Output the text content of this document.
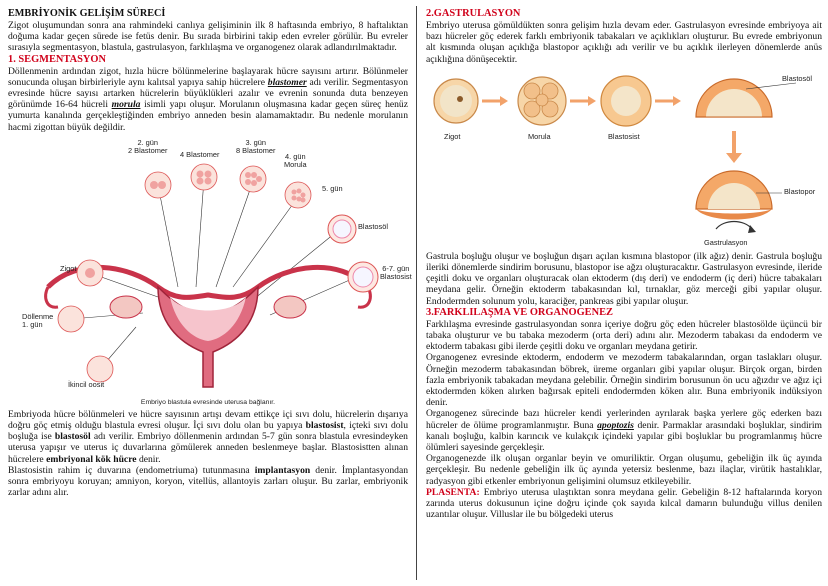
EMBRİYONİK GELİŞİM SÜRECİ

Zigot oluşumundan sonra ana rahmindeki canlıya gelişiminin ilk 8 haftasında embriyo, 8 haftalıktan doğuma kadar geçen sürede ise fetüs denir. Bu sırada birbirini takip eden evreler görülür. Bu evreler sırasıyla segmentasyon, blastula, gastrulasyon, farklılaşma ve organogenez olarak adlandırılmaktadır.

1. SEGMENTASYON

Döllenmenin ardından zigot, hızla hücre bölünmelerine başlayarak hücre sayısını artırır. Bölünmeler sonucunda oluşan birbirleriyle aynı kalıtsal yapıya sahip hücrelere blastomer adı verilir. Segmentasyon evresinde hücre sayısı artarken hücrelerin büyüklükleri azalır ve evrenin sonunda duta benzeyen görünümde 16-64 hücreli morula isimli yapı oluşur. Morulanın oluşmasına kadar geçen süreç henüz yumurta kanalında gerçekleştiğinden embriyo anneden besin alamamaktadır. Bu nedenle morulanın hacmi zigottan büyük değildir.

2. gün
2 Blastomer 4 Blastomer
3. gün
8 Blastomer
4. gün
Morula
5. gün
Blastosöl
6-7. gün
Blastosist
Zigot
Döllenme
1. gün
İkincil oosit
Embriyo blastula evresinde uterusa bağlanır.

Embriyoda hücre bölünmeleri ve hücre sayısının artışı devam ettikçe içi sıvı dolu, hücrelerin dışarıya doğru göç etmiş olduğu blastula evresi oluşur. İçi sıvı dolu olan bu yapıya blastosist, içteki sıvı dolu boşluğa ise blastosöl adı verilir. Embriyo döllenmenin ardından 5-7 gün sonra blastula evresindeyken uterusa yapışır ve uterus iç duvarlarına gömülerek anneden beslenmeye başlar. Blastosistten alınan hücrelere embriyonal kök hücre denir.

Blastosistin rahim iç duvarına (endometriuma) tutunmasına implantasyon denir. İmplantasyondan sonra embriyoyu koruyan; amniyon, koryon, vitellüs, allantoyis zarları oluşur. Bu zarlar, embriyonik zarlar adını alır.

2.GASTRULASYON

Embriyo uterusa gömüldükten sonra gelişim hızla devam eder. Gastrulasyon evresinde embriyoya ait bazı hücreler göç ederek farklı embriyonik tabakaları ve açıklıkları oluşturur. Bu evrede embriyonun alt kısmında oluşan açıklığa blastopor açıklığı adı verilir ve bu açıklık ilerleyen dönemlerde anüs açıklığına dönüşecektir.

Zigot	Morula	Blastosist
Blastosöl
Blastopor
Gastrulasyon

Gastrula boşluğu oluşur ve boşluğun dışarı açılan kısmına blastopor (ilk ağız) denir. Gastrula boşluğu ileriki dönemlerde sindirim borusunu, blastopor ise ağzı oluşturacaktır. Gastrulasyon evresinde, ileride çeşitli doku ve organları oluşturacak olan ektoderm (dış deri) ve endoderm (iç deri) hücre tabakaları meydana gelir. Örneğin ektoderm tabakasından kıl, tırnaklar, göz merceği gibi yapılar oluşur. Endodermden solunum yolu, karaciğer, pankreas gibi yapılar oluşur.

3.FARKLILAŞMA VE ORGANOGENEZ

Farklılaşma evresinde gastrulasyondan sonra içeriye doğru göç eden hücreler blastosölde üçüncü bir tabaka oluşturur ve bu tabaka mezoderm (orta deri) adını alır. Mezoderm tabakası da endoderm ve ektoderm tabakası gibi ilerde çeşitli doku ve organları meydana getirir.

Organogenez evresinde ektoderm, endoderm ve mezoderm tabakalarından, organ taslakları oluşur. Örneğin mezoderm tabakasından böbrek, üreme organları gibi yapılar oluşur. Birçok organ, birden fazla embriyonik tabakadan meydana gelebilir. Örneğin sindirim borusunun ön ucu ağızdır ve ağız içi ektodermden köken alırken bağırsak epiteli endodermden köken alır. Buna embriyonik indüksiyon denir.

Organogenez sürecinde bazı hücreler kendi yerlerinden ayrılarak başka yerlere göç ederken bazı hücreler de ölüme programlanmıştır. Buna apoptozis denir. Parmaklar arasındaki boşluklar, sindirim kanalı boşluğu, kalbin karıncık ve kulakçık içindeki yapılar gibi boşluklar bu programlanmış hücre ölümleri sayesinde gerçekleşir.

Organogenezde ilk oluşan organlar beyin ve omuriliktir. Organ oluşumu, gebeliğin ilk üç ayında gerçekleşir. Bu nedenle gebeliğin ilk üç ayında yetersiz beslenme, bazı ilaçlar, virütik hastalıklar, radyasyon gibi etkenler embriyonun gelişimini olumsuz etkileyebilir.

PLASENTA: Embriyo uterusa ulaştıktan sonra meydana gelir. Gebeliğin 8-12 haftalarında koryon zarında uterus dokusunun içine doğru içinde çok sayıda kılcal damarın bulunduğu villus denilen uzantılar oluşur. Villuslar ile bu bölgedeki uterus
